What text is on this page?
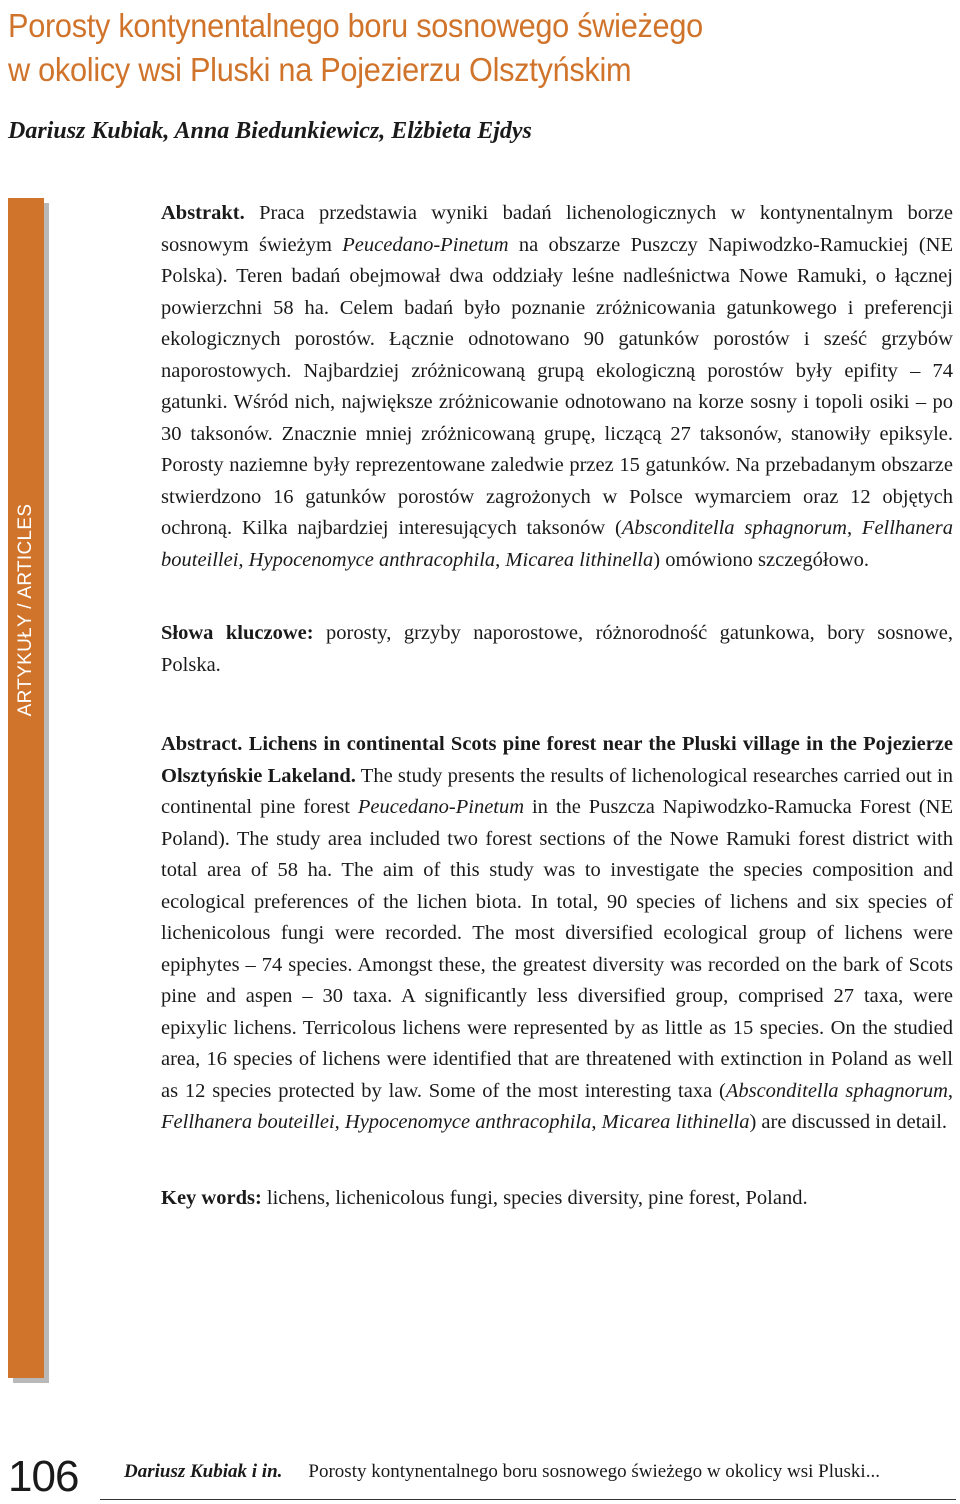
Porosty kontynentalnego boru sosnowego świeżego
w okolicy wsi Pluski na Pojezierzu Olsztyńskim
Dariusz Kubiak, Anna Biedunkiewicz, Elżbieta Ejdys
ARTYKUŁY / ARTICLES

Abstrakt. Praca przedstawia wyniki badań lichenologicznych w kontynentalnym borze sosnowym świeżym Peucedano-Pinetum na obszarze Puszczy Napiwodzko-Ramuckiej (NE Polska). Teren badań obejmował dwa oddziały leśne nadleśnictwa Nowe Ramuki, o łącznej powierzchni 58 ha. Celem badań było poznanie zróżnicowania gatunkowego i preferencji ekologicznych porostów. Łącznie odnotowano 90 gatunków porostów i sześć grzybów naporostowych. Najbardziej zróżnicowaną grupą ekologiczną porostów były epifity – 74 gatunki. Wśród nich, największe zróżnicowanie odnotowano na korze sosny i topoli osiki – po 30 taksonów. Znacznie mniej zróżnicowaną grupę, liczącą 27 taksonów, stanowiły epiksyle. Porosty naziemne były reprezentowane zaledwie przez 15 gatunków. Na przebadanym obszarze stwierdzono 16 gatunków porostów zagrożonych w Polsce wymarciem oraz 12 objętych ochroną. Kilka najbardziej interesujących taksonów (Absconditella sphagnorum, Fellhanera bouteillei, Hypocenomyce anthracophila, Micarea lithinella) omówiono szczegółowo.

Słowa kluczowe: porosty, grzyby naporostowe, różnorodność gatunkowa, bory sosnowe, Polska.

Abstract. Lichens in continental Scots pine forest near the Pluski village in the Pojezierze Olsztyńskie Lakeland. The study presents the results of lichenological researches carried out in continental pine forest Peucedano-Pinetum in the Puszcza Napiwodzko-Ramucka Forest (NE Poland). The study area included two forest sections of the Nowe Ramuki forest district with total area of 58 ha. The aim of this study was to investigate the species composition and ecological preferences of the lichen biota. In total, 90 species of lichens and six species of lichenicolous fungi were recorded. The most diversified ecological group of lichens were epiphytes – 74 species. Amongst these, the greatest diversity was recorded on the bark of Scots pine and aspen – 30 taxa. A significantly less diversified group, comprised 27 taxa, were epixylic lichens. Terricolous lichens were represented by as little as 15 species. On the studied area, 16 species of lichens were identified that are threatened with extinction in Poland as well as 12 species protected by law. Some of the most interesting taxa (Absconditella sphagnorum, Fellhanera bouteillei, Hypocenomyce anthracophila, Micarea lithinella) are discussed in detail.

Key words: lichens, lichenicolous fungi, species diversity, pine forest, Poland.

106 Dariusz Kubiak i in. Porosty kontynentalnego boru sosnowego świeżego w okolicy wsi Pluski...
